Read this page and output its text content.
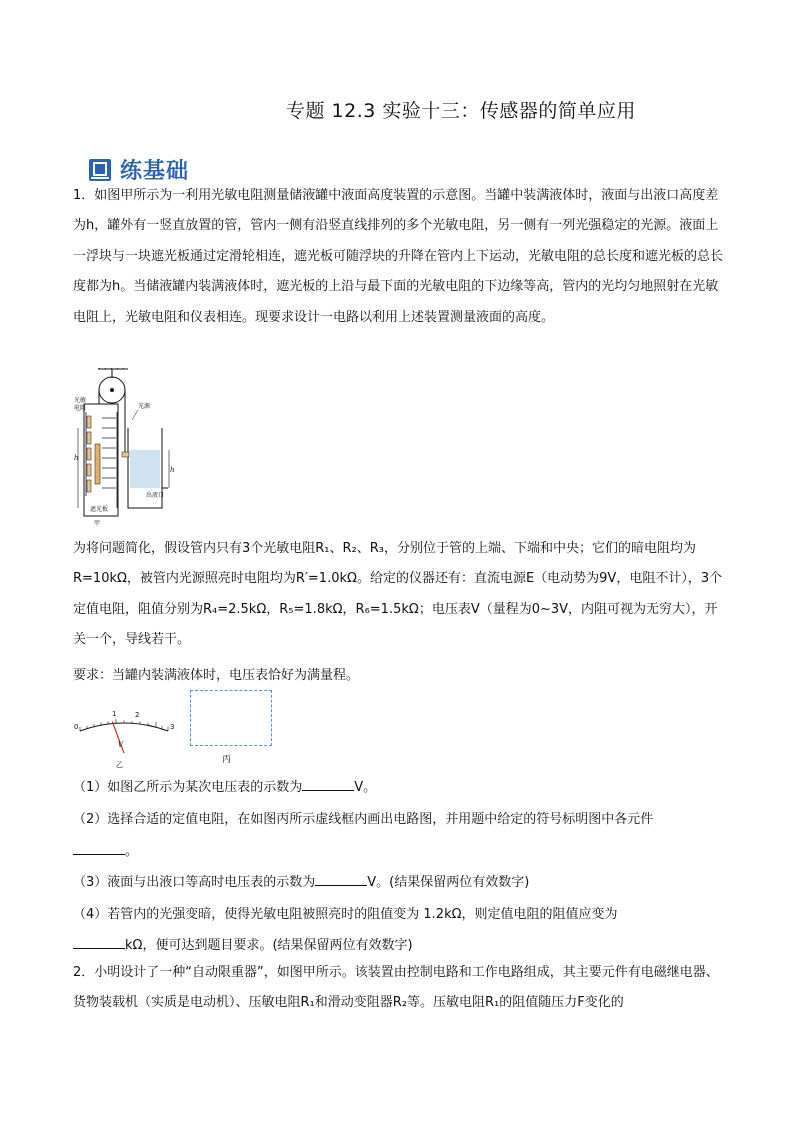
专题 12.3 实验十三：传感器的简单应用
练基础
1．如图甲所示为一利用光敏电阻测量储液罐中液面高度装置的示意图。当罐中装满液体时，液面与出液口高度差为h，罐外有一竖直放置的管，管内一侧有沿竖直线排列的多个光敏电阻，另一侧有一列光强稳定的光源。液面上一浮块与一块遮光板通过定滑轮相连，遮光板可随浮块的升降在管内上下运动，光敏电阻的总长度和遮光板的总长度都为h。当储液罐内装满液体时，遮光板的上沿与最下面的光敏电阻的下边缘等高，管内的光均匀地照射在光敏电阻上，光敏电阻和仪表相连。现要求设计一电路以利用上述装置测量液面的高度。
光敏
电阻	光源
h
h
出液口
遮光板
甲
为将问题简化，假设管内只有3个光敏电阻R₁、R₂、R₃，分别位于管的上端、下端和中央；它们的暗电阻均为R=10kΩ，被管内光源照亮时电阻均为R′=1.0kΩ。给定的仪器还有：直流电源E（电动势为9V，电阻不计），3个定值电阻，阻值分别为R₄=2.5kΩ，R₅=1.8kΩ，R₆=1.5kΩ；电压表V（量程为0~3V，内阻可视为无穷大），开关一个，导线若干。
要求：当罐内装满液体时，电压表恰好为满量程。
0
1	2
3
V
乙	丙
（1）如图乙所示为某次电压表的示数为	V。
（2）选择合适的定值电阻，在如图丙所示虚线框内画出电路图，并用题中给定的符号标明图中各元件
。
（3）液面与出液口等高时电压表的示数为	V。(结果保留两位有效数字)
（4）若管内的光强变暗，使得光敏电阻被照亮时的阻值变为 1.2kΩ，则定值电阻的阻值应变为
kΩ，便可达到题目要求。(结果保留两位有效数字)
2．小明设计了一种“自动限重器”，如图甲所示。该装置由控制电路和工作电路组成，其主要元件有电磁继电器、货物装载机（实质是电动机）、压敏电阻R₁和滑动变阻器R₂等。压敏电阻R₁的阻值随压力F变化的
